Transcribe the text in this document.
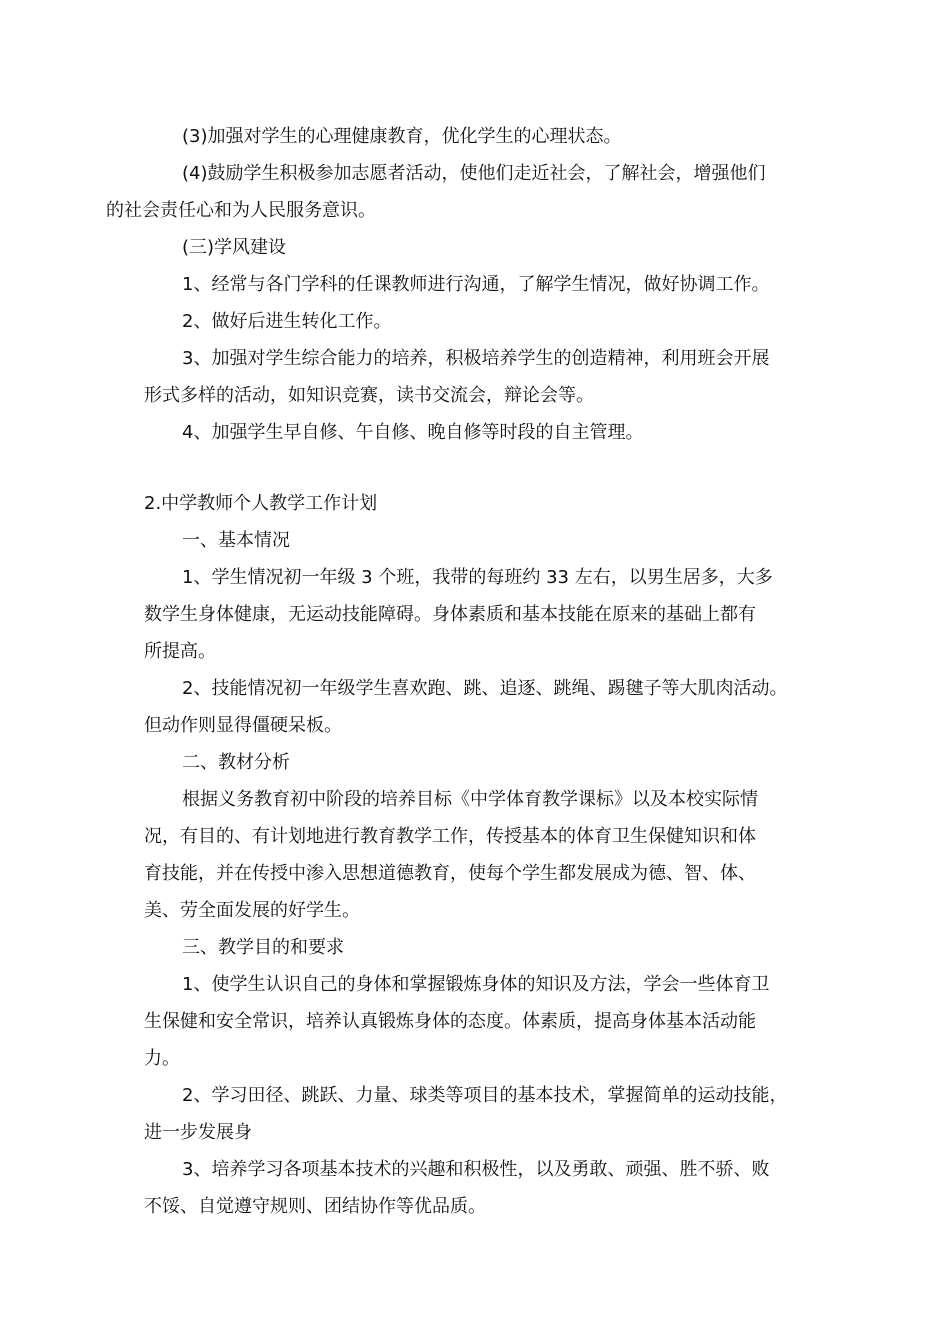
(3)加强对学生的心理健康教育，优化学生的心理状态。

(4)鼓励学生积极参加志愿者活动，使他们走近社会，了解社会，增强他们
的社会责任心和为人民服务意识。

(三)学风建设

1、经常与各门学科的任课教师进行沟通，了解学生情况，做好协调工作。

2、做好后进生转化工作。

3、加强对学生综合能力的培养，积极培养学生的创造精神，利用班会开展
形式多样的活动，如知识竞赛，读书交流会，辩论会等。

4、加强学生早自修、午自修、晚自修等时段的自主管理。

2.中学教师个人教学工作计划

一、基本情况

1、学生情况初一年级 3 个班，我带的每班约 33 左右，以男生居多，大多
数学生身体健康，无运动技能障碍。身体素质和基本技能在原来的基础上都有
所提高。

2、技能情况初一年级学生喜欢跑、跳、追逐、跳绳、踢毽子等大肌肉活动。
但动作则显得僵硬呆板。

二、教材分析

根据义务教育初中阶段的培养目标《中学体育教学课标》以及本校实际情
况，有目的、有计划地进行教育教学工作，传授基本的体育卫生保健知识和体
育技能，并在传授中渗入思想道德教育，使每个学生都发展成为德、智、体、
美、劳全面发展的好学生。

三、教学目的和要求

1、使学生认识自己的身体和掌握锻炼身体的知识及方法，学会一些体育卫
生保健和安全常识，培养认真锻炼身体的态度。体素质，提高身体基本活动能
力。

2、学习田径、跳跃、力量、球类等项目的基本技术，掌握简单的运动技能，
进一步发展身

3、培养学习各项基本技术的兴趣和积极性，以及勇敢、顽强、胜不骄、败
不馁、自觉遵守规则、团结协作等优品质。
